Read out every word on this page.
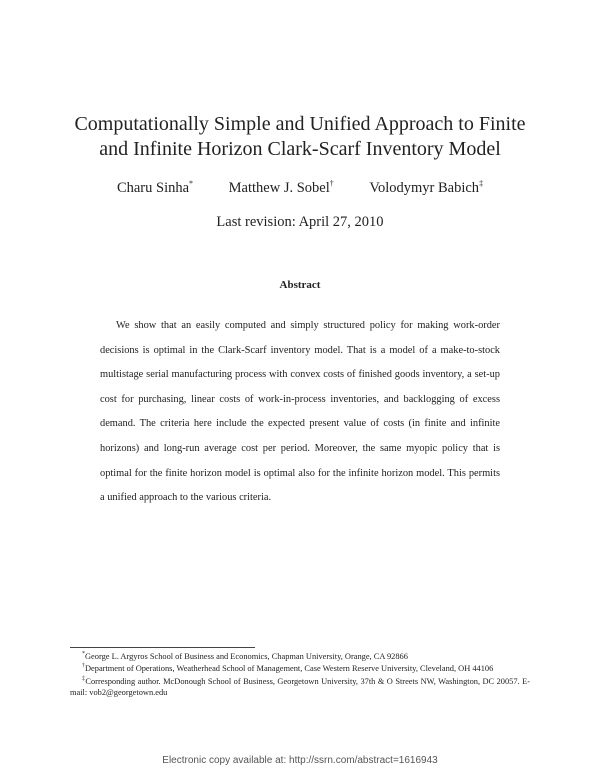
Computationally Simple and Unified Approach to Finite
and Infinite Horizon Clark-Scarf Inventory Model
Charu Sinha* Matthew J. Sobel† Volodymyr Babich‡
Last revision: April 27, 2010
Abstract
We show that an easily computed and simply structured policy for making work-order decisions is optimal in the Clark-Scarf inventory model. That is a model of a make-to-stock multistage serial manufacturing process with convex costs of finished goods inventory, a set-up cost for purchasing, linear costs of work-in-process inventories, and backlogging of excess demand. The criteria here include the expected present value of costs (in finite and infinite horizons) and long-run average cost per period. Moreover, the same myopic policy that is optimal for the finite horizon model is optimal also for the infinite horizon model. This permits a unified approach to the various criteria.
*George L. Argyros School of Business and Economics, Chapman University, Orange, CA 92866
†Department of Operations, Weatherhead School of Management, Case Western Reserve University, Cleveland, OH 44106
‡Corresponding author. McDonough School of Business, Georgetown University, 37th & O Streets NW, Washington, DC 20057. E-mail: vob2@georgetown.edu
Electronic copy available at: http://ssrn.com/abstract=1616943
